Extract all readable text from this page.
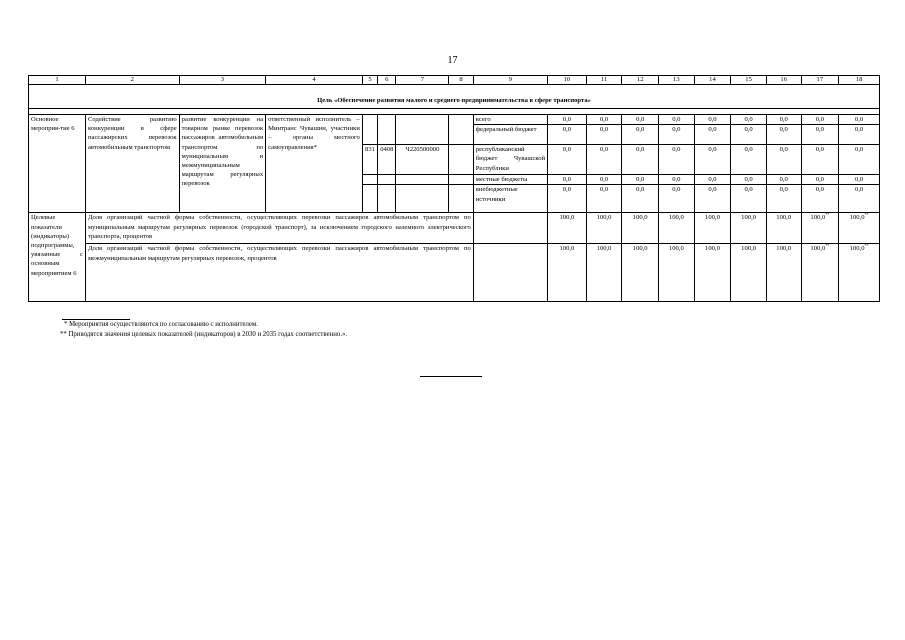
17
1	2	3	4	5	6	7	8	9	10	11	12	13	14	15	16	17	18

Цель «Обеспечение развития малого и среднего предпринимательства в сфере транспорта»																	

Основное мероприя-тие 6	Содействие развитию конкуренции в сфере пассажирских перевозок автомобильным транспортом	развитие конкуренции на товарном рынке перевозок пассажиров автомобильным транспортом по муниципальным и межмуниципальным маршрутам регулярных перевозок	ответственный исполнитель – Минтранс Чувашии, участники – органы местного самоуправления*					всего	0,0	0,0	0,0	0,0	0,0	0,0	0,0	0,0	0,0
								федеральный бюджет	0,0	0,0	0,0	0,0	0,0	0,0	0,0	0,0	0,0
				831	0408	Ч220500000		республиканский бюджет Чувашской Республики	0,0	0,0	0,0	0,0	0,0	0,0	0,0	0,0	0,0
								местные бюджеты	0,0	0,0	0,0	0,0	0,0	0,0	0,0	0,0	0,0
								внебюджетные источники	0,0	0,0	0,0	0,0	0,0	0,0	0,0	0,0	0,0
Целевые показатели (индикаторы) подпрограммы, увязанные с основным мероприятием 6	Доля организаций частной формы собственности, осуществляющих перевозки пассажиров автомобильным транспортом по муниципальным маршрутам регулярных перевозок (городской транспорт), за исключением городского наземного электрического транспорта, процентов								100,0	100,0	100,0	100,0	100,0	100,0	100,0	100,0**	100,0**
	Доля организаций частной формы собственности, осуществляющих перевозки пассажиров автомобильным транспортом по межмуниципальным маршрутам регулярных перевозок, процентов								100,0	100,0	100,0	100,0	100,0	100,0	100,0	100,0**	100,0**
* Мероприятия осуществляются по согласованию с исполнителем.
** Приводятся значения целевых показателей (индикаторов) в 2030 и 2035 годах соответственно.».
